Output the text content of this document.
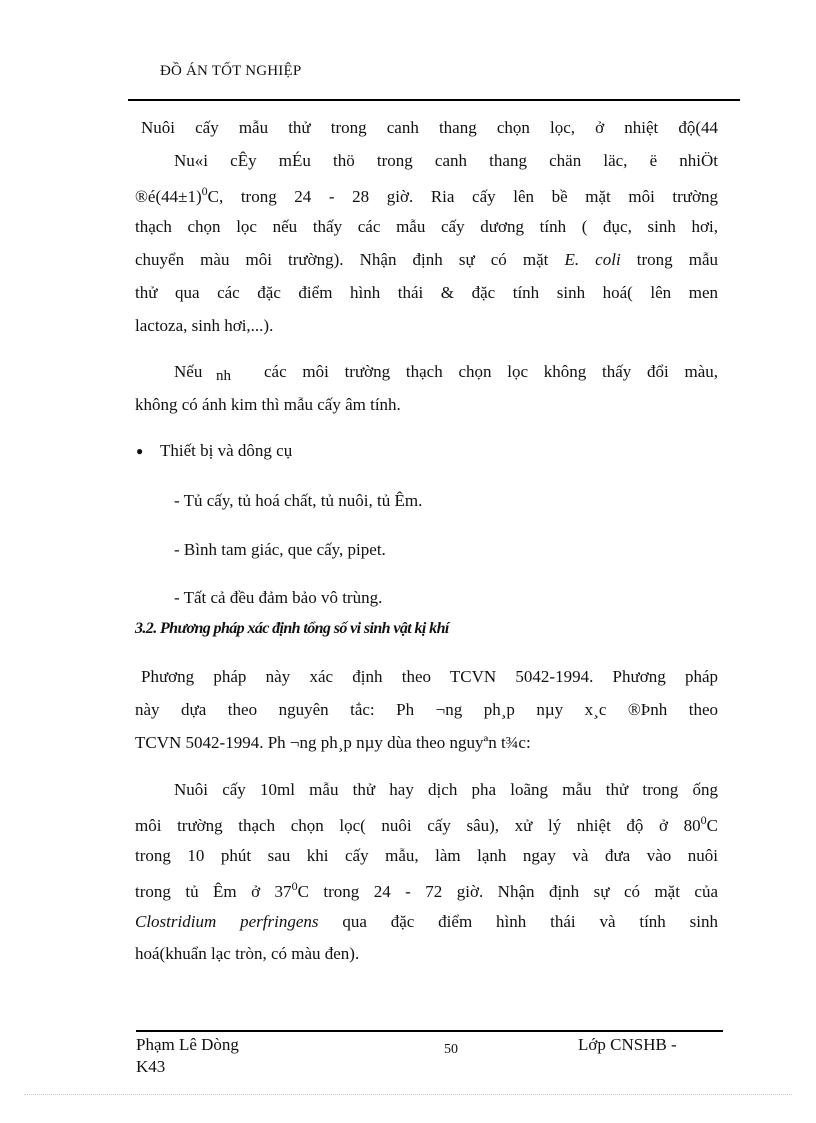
ĐỒ ÁN TỐT NGHIỆP
Nuôi cấy mẫu thử trong canh thang chọn lọc, ở nhiệt độ(44
Nu«i cÊy mÉu thö trong canh thang chän läc, ë nhiÖt
$®é(44\pm 1)^0C$, trong 24 - 28 giờ. Ria cấy lên bề mặt môi trường
thạch chọn lọc nếu thấy các mẫu cấy dương tính ( đục, sinh hơi,
chuyển màu môi trường). Nhận định sự có mặt E. coli trong mẫu
thử qua các đặc điểm hình thái & đặc tính sinh hoá( lên men
lactoza, sinh hơi,...).
Nếu nh các môi trường thạch chọn lọc không thấy đổi màu,
không có ánh kim thì mẫu cấy âm tính.
● Thiết bị và dông cụ
- Tủ cấy, tủ hoá chất, tủ nuôi, tủ Êm.
- Bình tam giác, que cấy, pipet.
- Tất cả đều đảm bảo vô trùng.
3.2. Phương pháp xác định tổng số vi sinh vật kị khí
Phương pháp này xác định theo TCVN 5042-1994. Phương pháp
này dựa theo nguyên tắc: Ph ¬ng ph¸p nµy x¸c ®Þnh theo
TCVN 5042-1994. Ph ¬ng ph¸p nµy dùa theo nguyªn t¾c:
Nuôi cấy 10ml mẫu thử hay dịch pha loãng mẫu thử trong ống
môi trường thạch chọn lọc( nuôi cấy sâu), xử lý nhiệt độ ở $80^0C$
trong 10 phút sau khi cấy mẫu, làm lạnh ngay và đưa vào nuôi
trong tủ Êm ở $37^0C$ trong 24 - 72 giờ. Nhận định sự có mặt của
Clostridium perfringens qua đặc điểm hình thái và tính sinh
hoá(khuẩn lạc tròn, có màu đen).
Phạm Lê Dòng
K43
50	Lớp CNSHB -
